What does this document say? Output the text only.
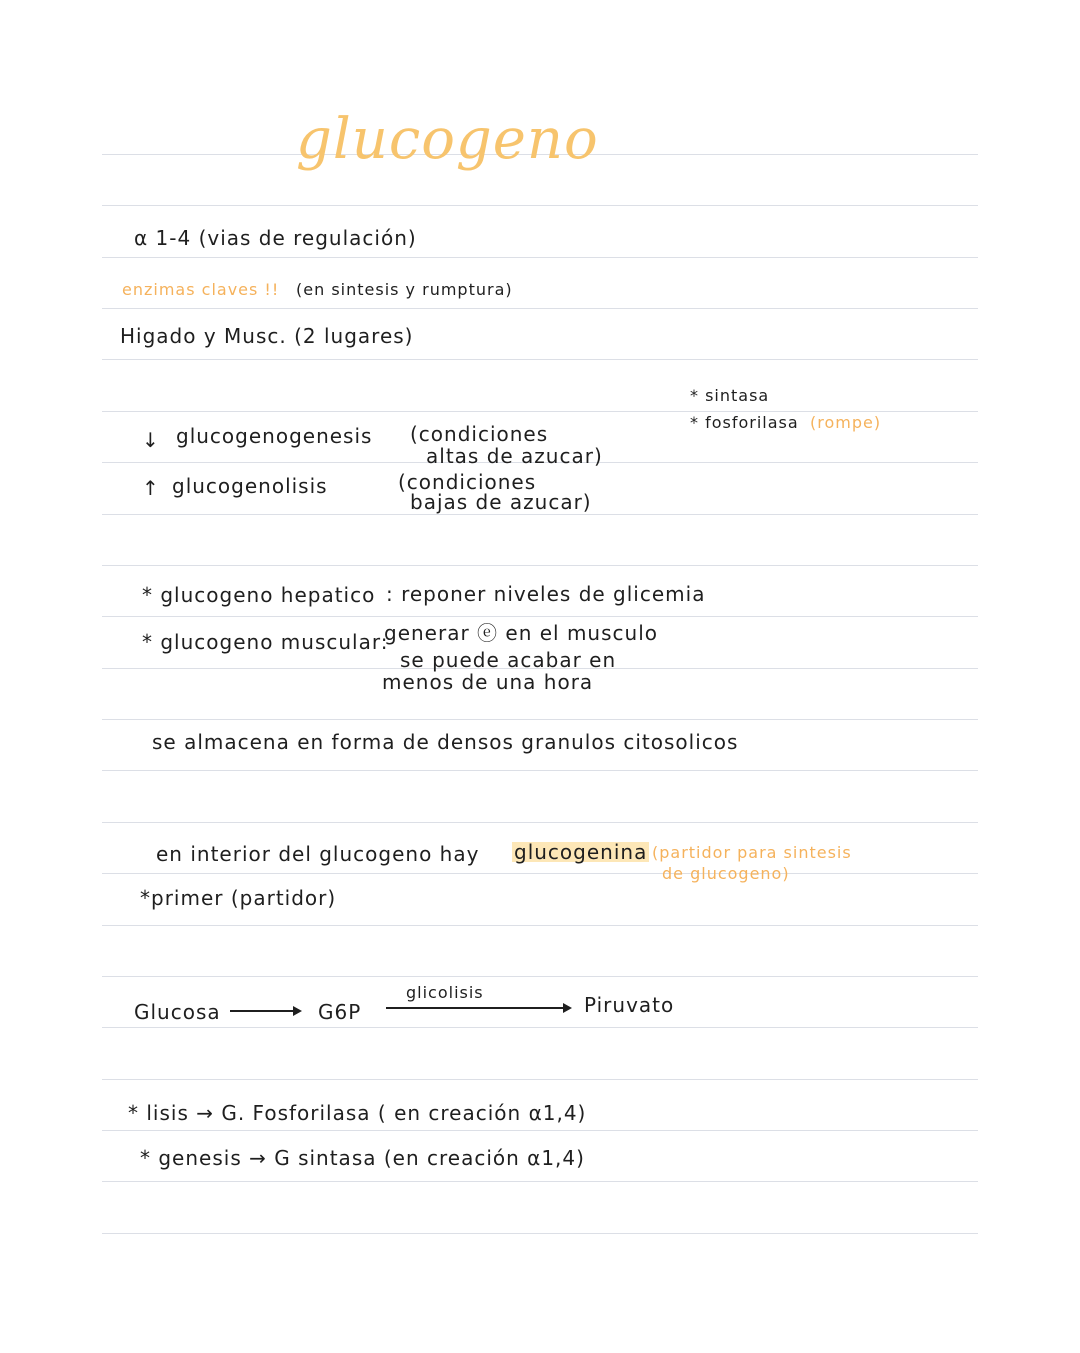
glucogeno
α 1-4 (vias de regulación)
enzimas claves !! (en sintesis y rumptura)
Higado y Musc. (2 lugares)
* sintasa
* fosforilasa (rompe)
↓ glucogenogenesis (condiciones
altas de azucar)
↑ glucogenolisis	(condiciones
bajas de azucar)
* glucogeno hepatico : reponer niveles de glicemia
* glucogeno muscular:
generar ⓔ en el musculo
se puede acabar en
menos de una hora
se almacena en forma de densos granulos citosolicos
en interior del glucogeno hay glucogenina (partidor para sintesis
de glucogeno)
*primer (partidor)
Glucosa	G6P
glicolisis
Piruvato
* lisis → G. Fosforilasa ( en creación α1,4)
* genesis → G sintasa (en creación α1,4)
